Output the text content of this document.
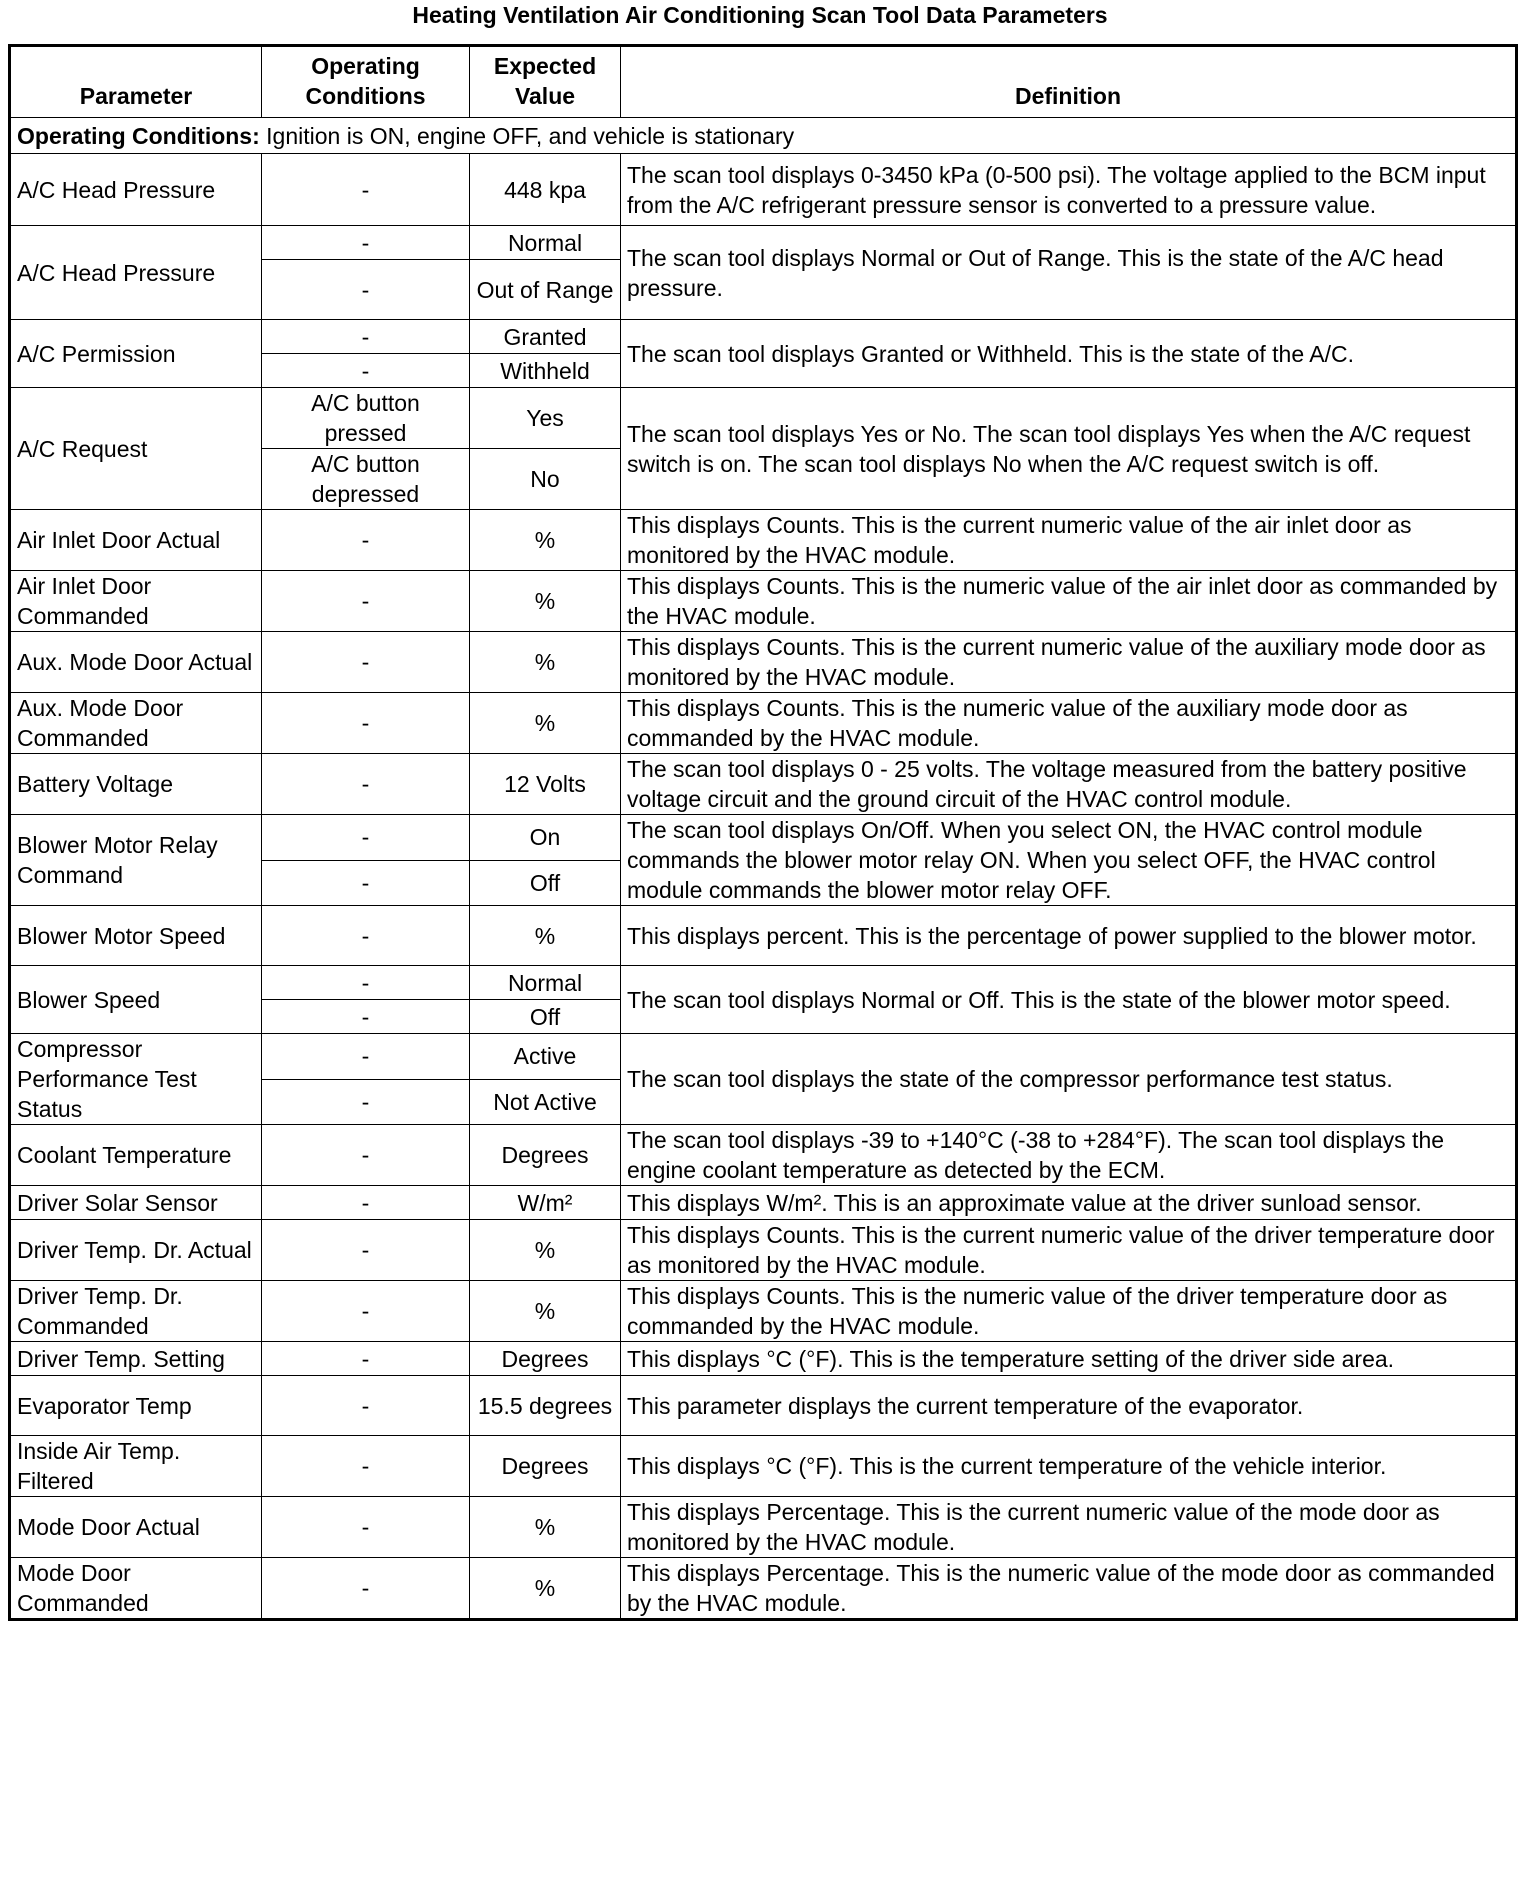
Heating Ventilation Air Conditioning Scan Tool Data Parameters
Parameter	Operating Conditions	Expected Value	Definition
Operating Conditions: Ignition is ON, engine OFF, and vehicle is stationary			
A/C Head Pressure	-	448 kpa	The scan tool displays 0-3450 kPa (0-500 psi). The voltage applied to the BCM input from the A/C refrigerant pressure sensor is converted to a pressure value.
A/C Head Pressure	-	Normal	The scan tool displays Normal or Out of Range. This is the state of the A/C head pressure.
	-	Out of Range	
A/C Permission	-	Granted	The scan tool displays Granted or Withheld. This is the state of the A/C.
	-	Withheld	
A/C Request	A/C button pressed	Yes	The scan tool displays Yes or No. The scan tool displays Yes when the A/C request switch is on. The scan tool displays No when the A/C request switch is off.
	A/C button depressed	No	
Air Inlet Door Actual	-	%	This displays Counts. This is the current numeric value of the air inlet door as monitored by the HVAC module.
Air Inlet Door Commanded	-	%	This displays Counts. This is the numeric value of the air inlet door as commanded by the HVAC module.
Aux. Mode Door Actual	-	%	This displays Counts. This is the current numeric value of the auxiliary mode door as monitored by the HVAC module.
Aux. Mode Door Commanded	-	%	This displays Counts. This is the numeric value of the auxiliary mode door as commanded by the HVAC module.
Battery Voltage	-	12 Volts	The scan tool displays 0 - 25 volts. The voltage measured from the battery positive voltage circuit and the ground circuit of the HVAC control module.
Blower Motor Relay Command	-	On	The scan tool displays On/Off. When you select ON, the HVAC control module commands the blower motor relay ON. When you select OFF, the HVAC control module commands the blower motor relay OFF.
	-	Off	
Blower Motor Speed	-	%	This displays percent. This is the percentage of power supplied to the blower motor.
Blower Speed	-	Normal	The scan tool displays Normal or Off. This is the state of the blower motor speed.
	-	Off	
Compressor Performance Test Status	-	Active	The scan tool displays the state of the compressor performance test status.
	-	Not Active	
Coolant Temperature	-	Degrees	The scan tool displays -39 to +140°C (-38 to +284°F). The scan tool displays the engine coolant temperature as detected by the ECM.
Driver Solar Sensor	-	W/m²	This displays W/m². This is an approximate value at the driver sunload sensor.
Driver Temp. Dr. Actual	-	%	This displays Counts. This is the current numeric value of the driver temperature door as monitored by the HVAC module.
Driver Temp. Dr. Commanded	-	%	This displays Counts. This is the numeric value of the driver temperature door as commanded by the HVAC module.
Driver Temp. Setting	-	Degrees	This displays °C (°F). This is the temperature setting of the driver side area.
Evaporator Temp	-	15.5 degrees	This parameter displays the current temperature of the evaporator.
Inside Air Temp. Filtered	-	Degrees	This displays °C (°F). This is the current temperature of the vehicle interior.
Mode Door Actual	-	%	This displays Percentage. This is the current numeric value of the mode door as monitored by the HVAC module.
Mode Door Commanded	-	%	This displays Percentage. This is the numeric value of the mode door as commanded by the HVAC module.
